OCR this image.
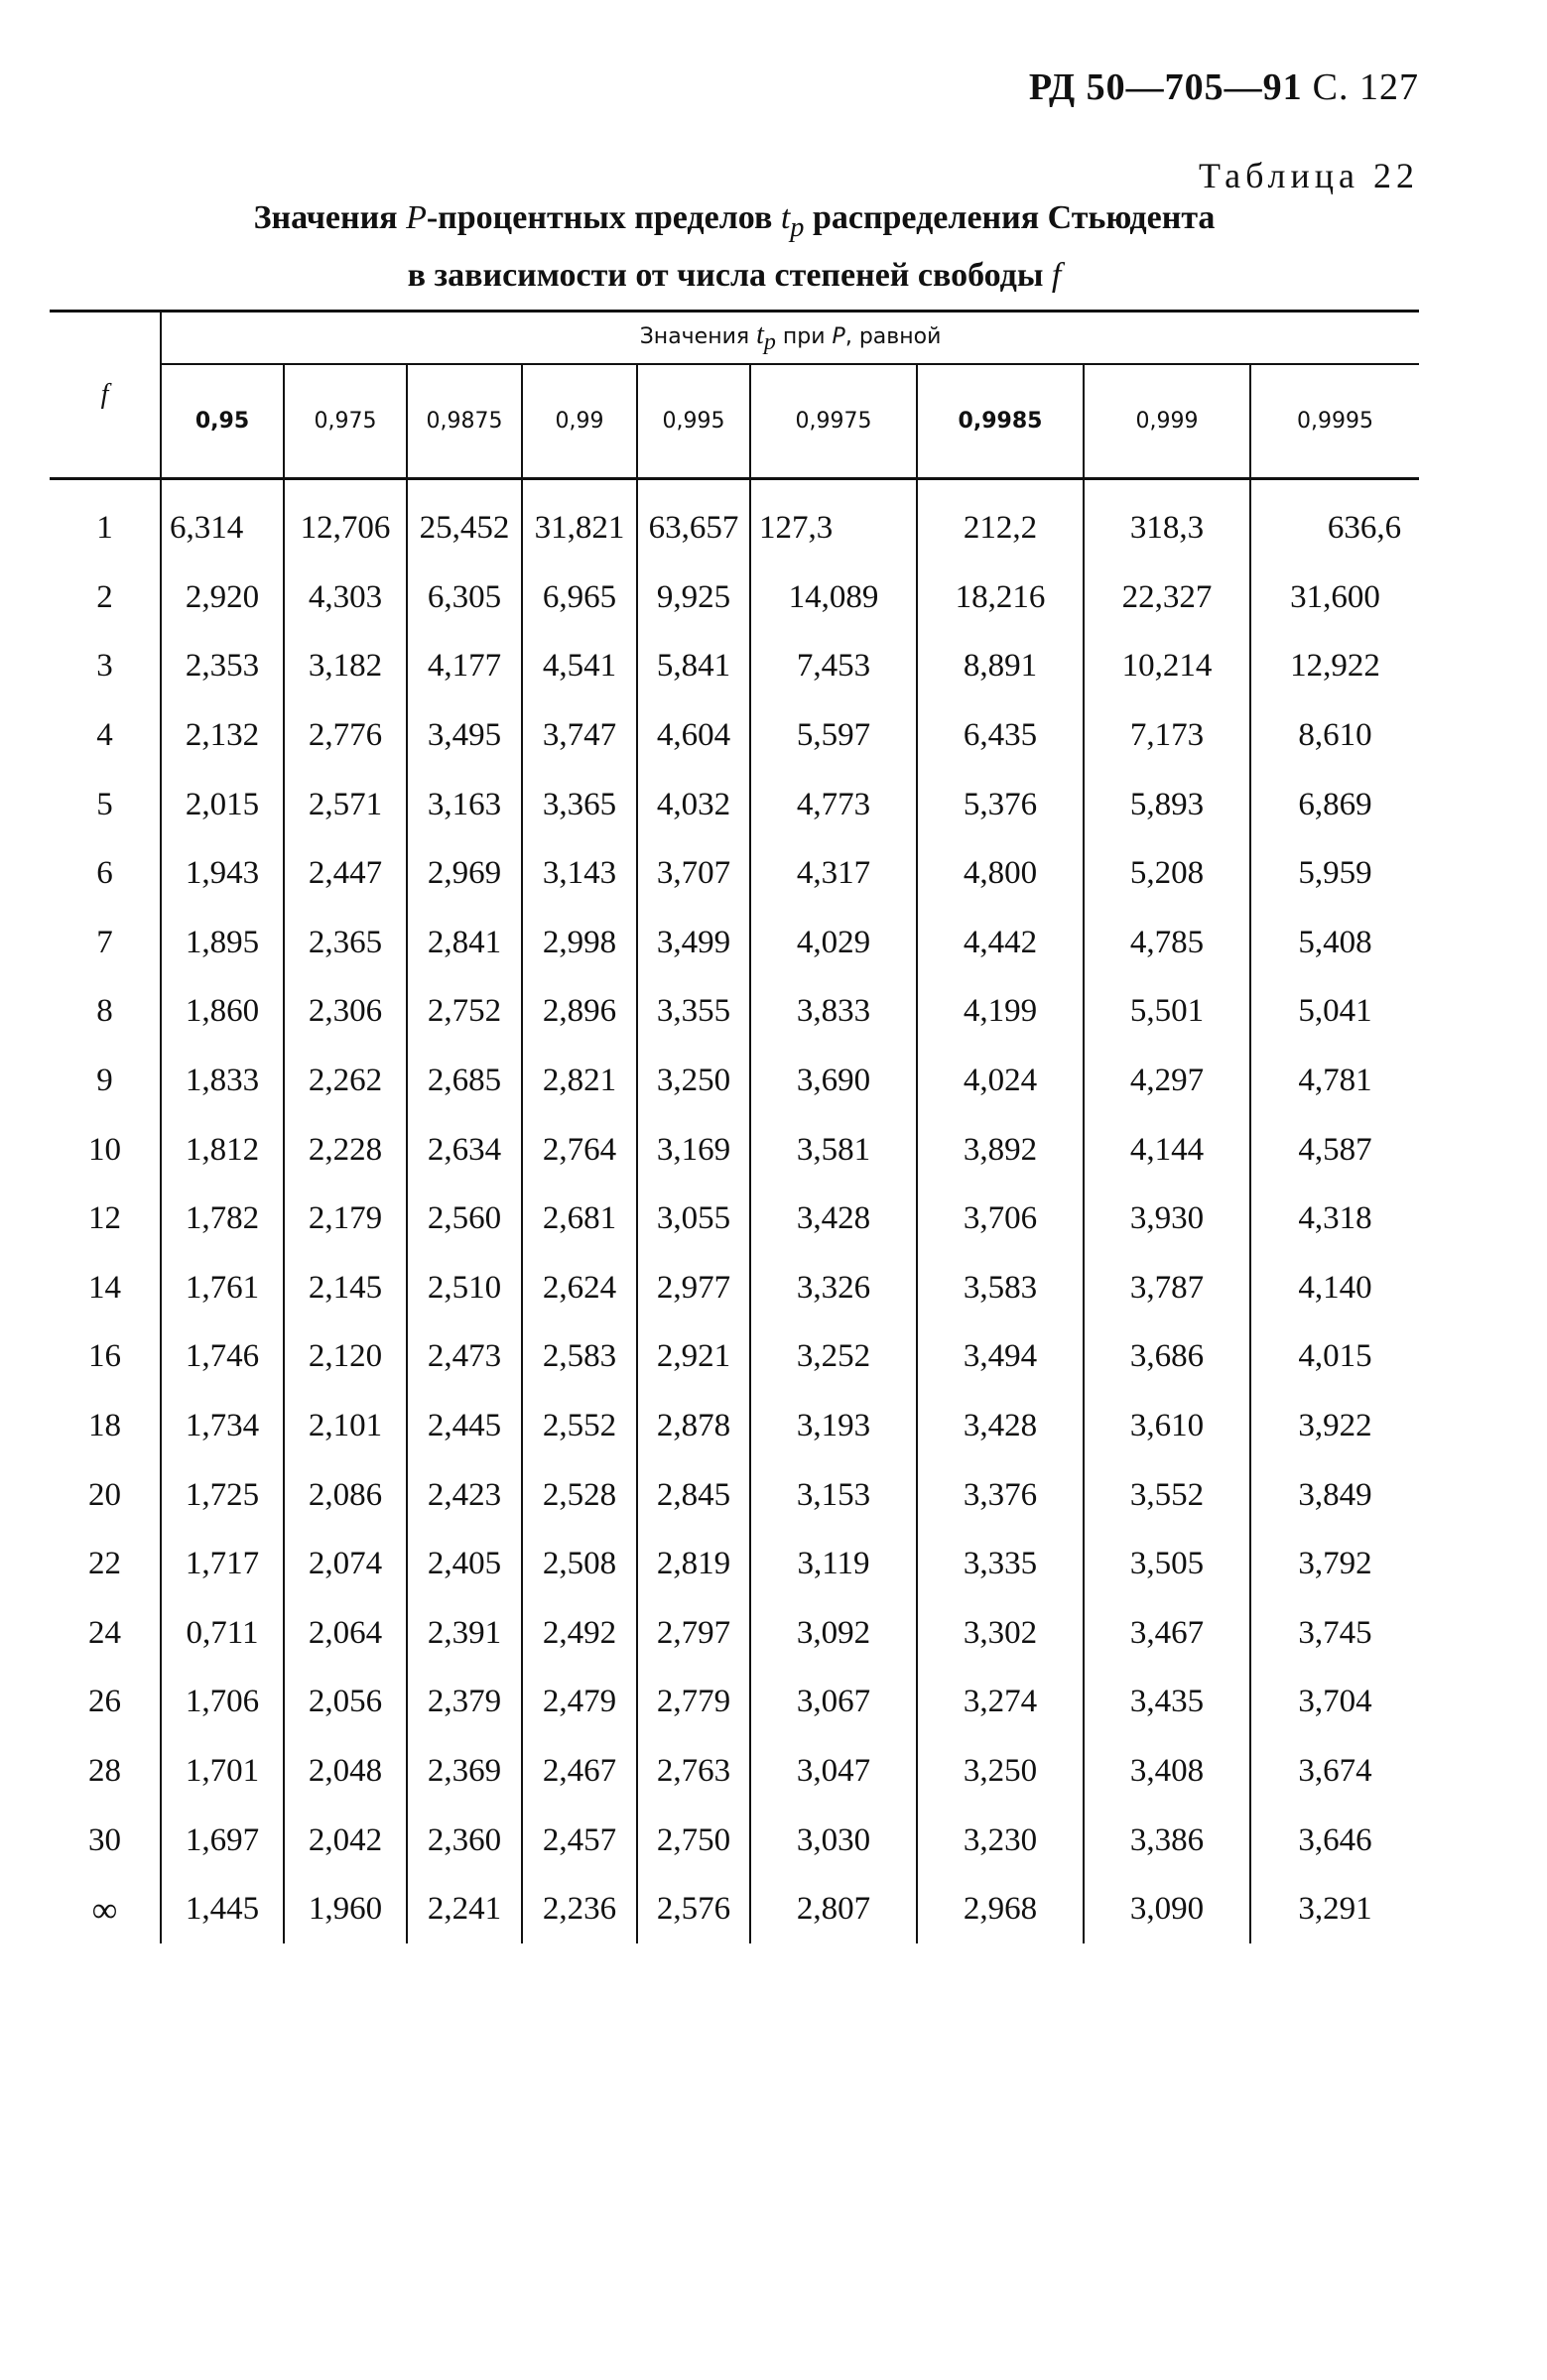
РД 50—705—91 С. 127
Таблица 22
Значения P-процентных пределов $t_p$ распределения Стьюдента
в зависимости от числа степеней свободы f
f	Значения $t_p$ при P, равной								
	0,95	0,975	0,9875	0,99	0,995	0,9975	0,9985	0,999	0,9995
1	6,314	12,706	25,452	31,821	63,657	127,3	212,2	318,3	636,6
2	2,920	4,303	6,305	6,965	9,925	14,089	18,216	22,327	31,600
3	2,353	3,182	4,177	4,541	5,841	7,453	8,891	10,214	12,922
4	2,132	2,776	3,495	3,747	4,604	5,597	6,435	7,173	8,610
5	2,015	2,571	3,163	3,365	4,032	4,773	5,376	5,893	6,869
6	1,943	2,447	2,969	3,143	3,707	4,317	4,800	5,208	5,959
7	1,895	2,365	2,841	2,998	3,499	4,029	4,442	4,785	5,408
8	1,860	2,306	2,752	2,896	3,355	3,833	4,199	5,501	5,041
9	1,833	2,262	2,685	2,821	3,250	3,690	4,024	4,297	4,781
10	1,812	2,228	2,634	2,764	3,169	3,581	3,892	4,144	4,587
12	1,782	2,179	2,560	2,681	3,055	3,428	3,706	3,930	4,318
14	1,761	2,145	2,510	2,624	2,977	3,326	3,583	3,787	4,140
16	1,746	2,120	2,473	2,583	2,921	3,252	3,494	3,686	4,015
18	1,734	2,101	2,445	2,552	2,878	3,193	3,428	3,610	3,922
20	1,725	2,086	2,423	2,528	2,845	3,153	3,376	3,552	3,849
22	1,717	2,074	2,405	2,508	2,819	3,119	3,335	3,505	3,792
24	0,711	2,064	2,391	2,492	2,797	3,092	3,302	3,467	3,745
26	1,706	2,056	2,379	2,479	2,779	3,067	3,274	3,435	3,704
28	1,701	2,048	2,369	2,467	2,763	3,047	3,250	3,408	3,674
30	1,697	2,042	2,360	2,457	2,750	3,030	3,230	3,386	3,646
∞	1,445	1,960	2,241	2,236	2,576	2,807	2,968	3,090	3,291
